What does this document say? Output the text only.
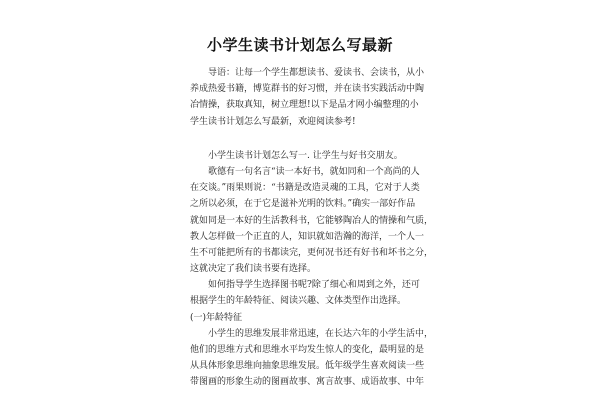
小学生读书计划怎么写最新
导语：让每一个学生都想读书、爱读书、会读书，从小
养成热爱书籍，博览群书的好习惯，并在读书实践活动中陶
冶情操，获取真知，树立理想!以下是品才网小编整理的小
学生读书计划怎么写最新，欢迎阅读参考!
小学生读书计划怎么写一. 让学生与好书交朋友。
歌德有一句名言“读一本好书，就如同和一个高尚的人
在交谈。”雨果则说：“书籍是改造灵魂的工具，它对于人类
之所以必须，在于它是滋补光明的饮料。”确实一部好作品
就如同是一本好的生活教科书，它能够陶冶人的情操和气质，
教人怎样做一个正直的人，知识就如浩瀚的海洋，一个人一
生不可能把所有的书都读完，更何况书还有好书和坏书之分，
这就决定了我们读书要有选择。
如何指导学生选择图书呢?除了细心和周到之外，还可
根据学生的年龄特征、阅读兴趣、文体类型作出选择。
(一)年龄特征
小学生的思维发展非常迅速，在长达六年的小学生活中，
他们的思维方式和思维水平均发生惊人的变化，最明显的是
从具体形象思维向抽象思维发展。低年级学生喜欢阅读一些
带图画的形象生动的图画故事、寓言故事、成语故事、中年
